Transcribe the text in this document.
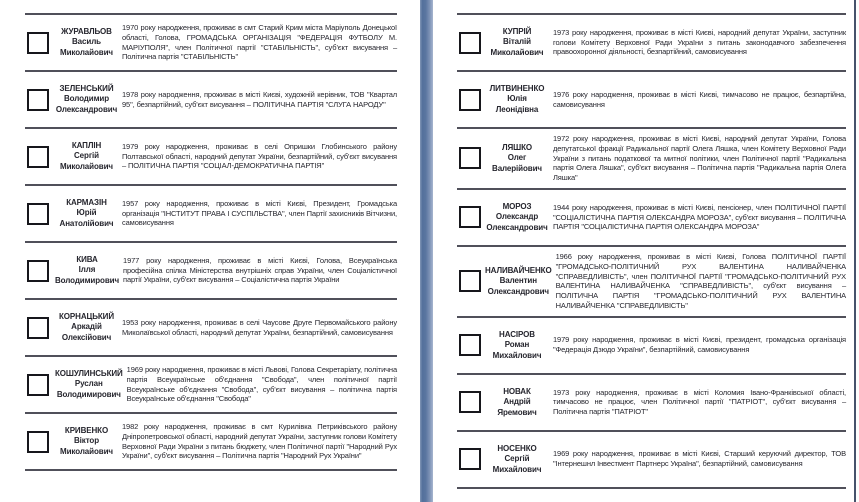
ЖУРАВЛЬОВ
Василь
Миколайович
1970 року народження, проживає в смт Старий Крим міста Маріуполь Донецької області, Голова, ГРОМАДСЬКА ОРГАНІЗАЦІЯ "ФЕДЕРАЦІЯ ФУТБОЛУ М. МАРІУПОЛЯ", член Політичної партії "СТАБІЛЬНІСТЬ", суб'єкт висування – Політична партія "СТАБІЛЬНІСТЬ"
ЗЕЛЕНСЬКИЙ
Володимир
Олександрович
1978 року народження, проживає в місті Києві, художній керівник, ТОВ "Квартал 95", безпартійний, суб'єкт висування – ПОЛІТИЧНА ПАРТІЯ "СЛУГА НАРОДУ"
КАПЛІН
Сергій
Миколайович
1979 року народження, проживає в селі Опришки Глобинського району Полтавської області, народний депутат України, безпартійний, суб'єкт висування – ПОЛІТИЧНА ПАРТІЯ "СОЦІАЛ-ДЕМОКРАТИЧНА ПАРТІЯ"
КАРМАЗІН
Юрій
Анатолійович
1957 року народження, проживає в місті Києві, Президент, Громадська організація "ІНСТИТУТ ПРАВА І СУСПІЛЬСТВА", член Партії захисників Вітчизни, самовисування
КИВА
Ілля
Володимирович
1977 року народження, проживає в місті Києві, Голова, Всеукраїнська професійна спілка Міністерства внутрішніх справ України, член Соціалістичної партії України, суб'єкт висування – Соціалістична партія України
КОРНАЦЬКИЙ
Аркадій
Олексійович
1953 року народження, проживає в селі Чаусове Друге Первомайського району Миколаївської області, народний депутат України, безпартійний, самовисування
КОШУЛИНСЬКИЙ
Руслан
Володимирович
1969 року народження, проживає в місті Львові, Голова Секретаріату, політична партія Всеукраїнське об'єднання "Свобода", член політичної партії Всеукраїнське об'єднання "Свобода", суб'єкт висування – політична партія Всеукраїнське об'єднання "Свобода"
КРИВЕНКО
Віктор
Миколайович
1982 року народження, проживає в смт Курилівка Петриківського району Дніпропетровської області, народний депутат України, заступник голови Комітету Верховної Ради України з питань бюджету, член Політичної партії "Народний Рух України", суб'єкт висування – Політична партія "Народний Рух України"
КУПРІЙ
Віталій
Миколайович
1973 року народження, проживає в місті Києві, народний депутат України, заступник голови Комітету Верховної Ради України з питань законодавчого забезпечення правоохоронної діяльності, безпартійний, самовисування
ЛИТВИНЕНКО
Юлія
Леонідівна
1976 року народження, проживає в місті Києві, тимчасово не працює, безпартійна, самовисування
ЛЯШКО
Олег
Валерійович
1972 року народження, проживає в місті Києві, народний депутат України, Голова депутатської фракції Радикальної партії Олега Ляшка, член Комітету Верховної Ради України з питань податкової та митної політики, член Політичної партії "Радикальна партія Олега Ляшка", суб'єкт висування – Політична партія "Радикальна партія Олега Ляшка"
МОРОЗ
Олександр
Олександрович
1944 року народження, проживає в місті Києві, пенсіонер, член ПОЛІТИЧНОЇ ПАРТІЇ "СОЦІАЛІСТИЧНА ПАРТІЯ ОЛЕКСАНДРА МОРОЗА", суб'єкт висування – ПОЛІТИЧНА ПАРТІЯ "СОЦІАЛІСТИЧНА ПАРТІЯ ОЛЕКСАНДРА МОРОЗА"
НАЛИВАЙЧЕНКО
Валентин
Олександрович
1966 року народження, проживає в місті Києві, Голова ПОЛІТИЧНОЇ ПАРТІЇ "ГРОМАДСЬКО-ПОЛІТИЧНИЙ РУХ ВАЛЕНТИНА НАЛИВАЙЧЕНКА "СПРАВЕДЛИВІСТЬ", член ПОЛІТИЧНОЇ ПАРТІЇ "ГРОМАДСЬКО-ПОЛІТИЧНИЙ РУХ ВАЛЕНТИНА НАЛИВАЙЧЕНКА "СПРАВЕДЛИВІСТЬ", суб'єкт висування – ПОЛІТИЧНА ПАРТІЯ "ГРОМАДСЬКО-ПОЛІТИЧНИЙ РУХ ВАЛЕНТИНА НАЛИВАЙЧЕНКА "СПРАВЕДЛИВІСТЬ"
НАСІРОВ
Роман
Михайлович
1979 року народження, проживає в місті Києві, президент, громадська організація "Федерація Дзюдо України", безпартійний, самовисування
НОВАК
Андрій
Яремович
1973 року народження, проживає в місті Коломия Івано-Франківської області, тимчасово не працює, член Політичної партії "ПАТРІОТ", суб'єкт висування – Політична партія "ПАТРІОТ"
НОСЕНКО
Сергій
Михайлович
1969 року народження, проживає в місті Києві, Старший керуючий директор, ТОВ "Інтернешнл Інвестмент Партнерс Україна", безпартійний, самовисування
